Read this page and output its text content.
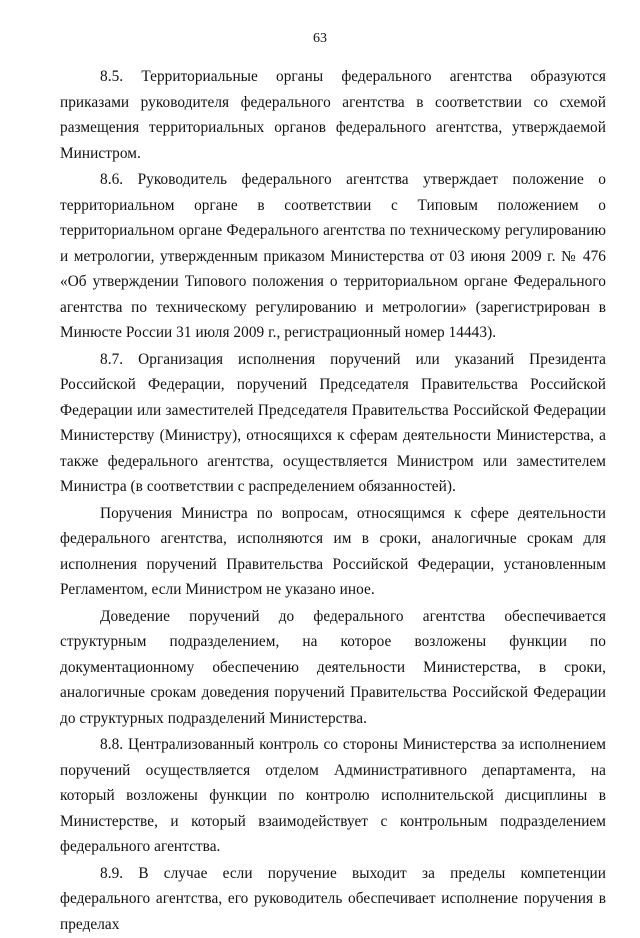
63

8.5. Территориальные органы федерального агентства образуются приказами руководителя федерального агентства в соответствии со схемой размещения территориальных органов федерального агентства, утверждаемой Министром.

8.6. Руководитель федерального агентства утверждает положение о территориальном органе в соответствии с Типовым положением о территориальном органе Федерального агентства по техническому регулированию и метрологии, утвержденным приказом Министерства от 03 июня 2009 г. № 476 «Об утверждении Типового положения о территориальном органе Федерального агентства по техническому регулированию и метрологии» (зарегистрирован в Минюсте России 31 июля 2009 г., регистрационный номер 14443).

8.7. Организация исполнения поручений или указаний Президента Российской Федерации, поручений Председателя Правительства Российской Федерации или заместителей Председателя Правительства Российской Федерации Министерству (Министру), относящихся к сферам деятельности Министерства, а также федерального агентства, осуществляется Министром или заместителем Министра (в соответствии с распределением обязанностей).

Поручения Министра по вопросам, относящимся к сфере деятельности федерального агентства, исполняются им в сроки, аналогичные срокам для исполнения поручений Правительства Российской Федерации, установленным Регламентом, если Министром не указано иное.

Доведение поручений до федерального агентства обеспечивается структурным подразделением, на которое возложены функции по документационному обеспечению деятельности Министерства, в сроки, аналогичные срокам доведения поручений Правительства Российской Федерации до структурных подразделений Министерства.

8.8. Централизованный контроль со стороны Министерства за исполнением поручений осуществляется отделом Административного департамента, на который возложены функции по контролю исполнительской дисциплины в Министерстве, и который взаимодействует с контрольным подразделением федерального агентства.

8.9. В случае если поручение выходит за пределы компетенции федерального агентства, его руководитель обеспечивает исполнение поручения в пределах
